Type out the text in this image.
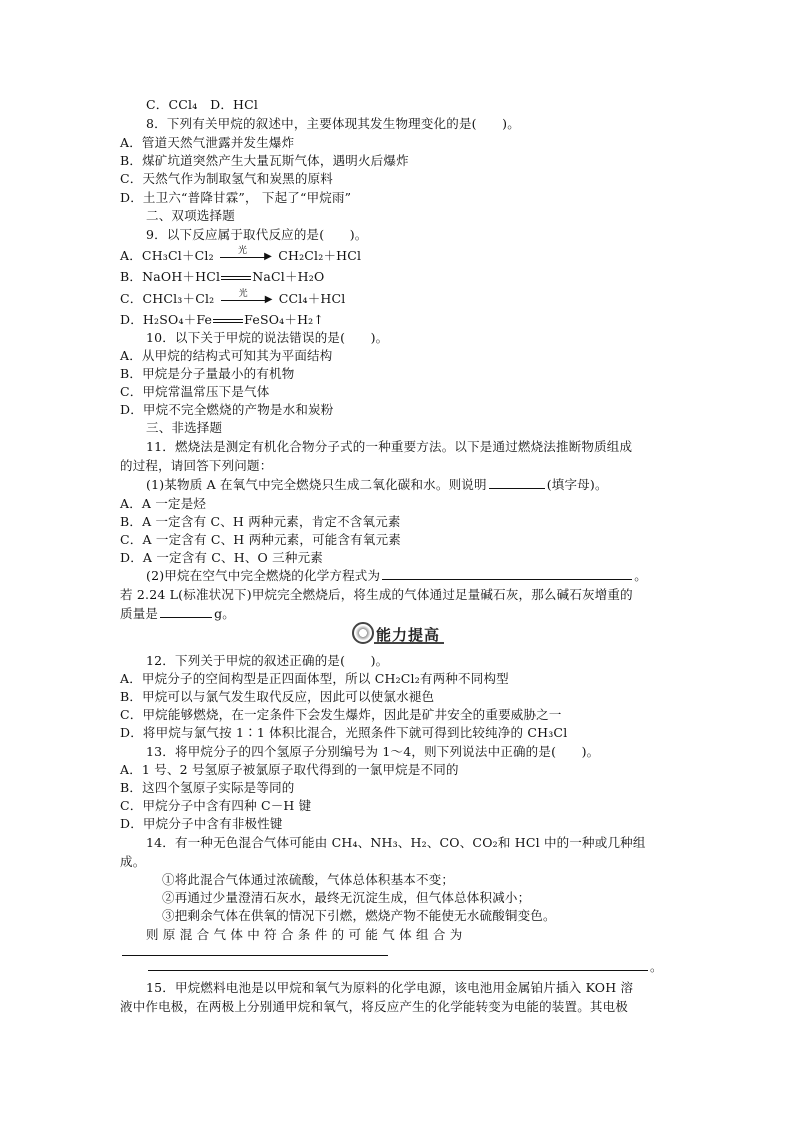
C．CCl₄　D．HCl
8．下列有关甲烷的叙述中，主要体现其发生物理变化的是(　　)。
A．管道天然气泄露并发生爆炸
B．煤矿坑道突然产生大量瓦斯气体，遇明火后爆炸
C．天然气作为制取氢气和炭黑的原料
D．土卫六“普降甘霖”， 下起了“甲烷雨”
二、双项选择题
9．以下反应属于取代反应的是(　　)。
A．CH₃Cl＋Cl₂	光 ▶ CH₂Cl₂＋HCl
B．NaOH＋HCl	NaCl＋H₂O
C．CHCl₃＋Cl₂	光 ▶ CCl₄＋HCl
D．H₂SO₄＋Fe	FeSO₄＋H₂↑
10．以下关于甲烷的说法错误的是(　　)。
A．从甲烷的结构式可知其为平面结构
B．甲烷是分子量最小的有机物
C．甲烷常温常压下是气体
D．甲烷不完全燃烧的产物是水和炭粉
三、非选择题
11．燃烧法是测定有机化合物分子式的一种重要方法。以下是通过燃烧法推断物质组成
的过程，请回答下列问题：
(1)某物质 A 在氧气中完全燃烧只生成二氧化碳和水。则说明	(填字母)。
A．A 一定是烃
B．A 一定含有 C、H 两种元素，肯定不含氧元素
C．A 一定含有 C、H 两种元素，可能含有氧元素
D．A 一定含有 C、H、O 三种元素
(2)甲烷在空气中完全燃烧的化学方程式为	。
若 2.24 L(标准状况下)甲烷完全燃烧后，将生成的气体通过足量碱石灰，那么碱石灰增重的
质量是	g。
能力提高
12．下列关于甲烷的叙述正确的是(　　)。
A．甲烷分子的空间构型是正四面体型，所以 CH₂Cl₂有两种不同构型
B．甲烷可以与氯气发生取代反应，因此可以使氯水褪色
C．甲烷能够燃烧，在一定条件下会发生爆炸，因此是矿井安全的重要威胁之一
D．将甲烷与氯气按 1∶1 体积比混合，光照条件下就可得到比较纯净的 CH₃Cl
13．将甲烷分子的四个氢原子分别编号为 1～4，则下列说法中正确的是(　　)。
A．1 号、2 号氢原子被氯原子取代得到的一氯甲烷是不同的
B．这四个氢原子实际是等同的
C．甲烷分子中含有四种 C－H 键
D．甲烷分子中含有非极性键
14．有一种无色混合气体可能由 CH₄、NH₃、H₂、CO、CO₂和 HCl 中的一种或几种组
成。
①将此混合气体通过浓硫酸，气体总体积基本不变；
②再通过少量澄清石灰水，最终无沉淀生成，但气体总体积减小；
③把剩余气体在供氧的情况下引燃，燃烧产物不能使无水硫酸铜变色。
则 原 混 合 气 体 中 符 合 条 件 的 可 能 气 体 组 合 为
。
15．甲烷燃料电池是以甲烷和氧气为原料的化学电源，该电池用金属铂片插入 KOH 溶
液中作电极，在两极上分别通甲烷和氧气，将反应产生的化学能转变为电能的装置。其电极
